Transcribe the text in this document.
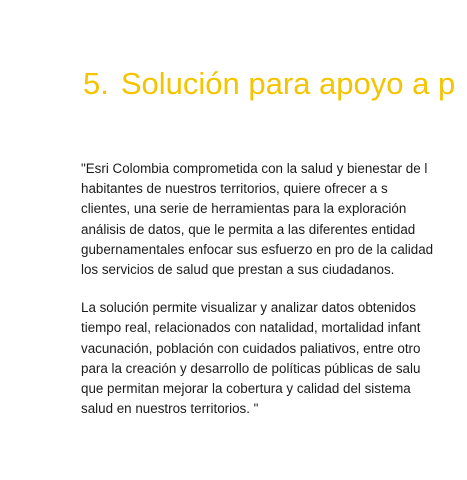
5. Solución para apoyo a p
"Esri Colombia comprometida con la salud y bienestar de l
habitantes de nuestros territorios, quiere ofrecer a s
clientes, una serie de herramientas para la exploración
análisis de datos, que le permita a las diferentes entidad
gubernamentales enfocar sus esfuerzo en pro de la calidad
los servicios de salud que prestan a sus ciudadanos.
La solución permite visualizar y analizar datos obtenidos
tiempo real, relacionados con natalidad, mortalidad infant
vacunación, población con cuidados paliativos, entre otro
para la creación y desarrollo de políticas públicas de salu
que permitan mejorar la cobertura y calidad del sistema
salud en nuestros territorios. "
